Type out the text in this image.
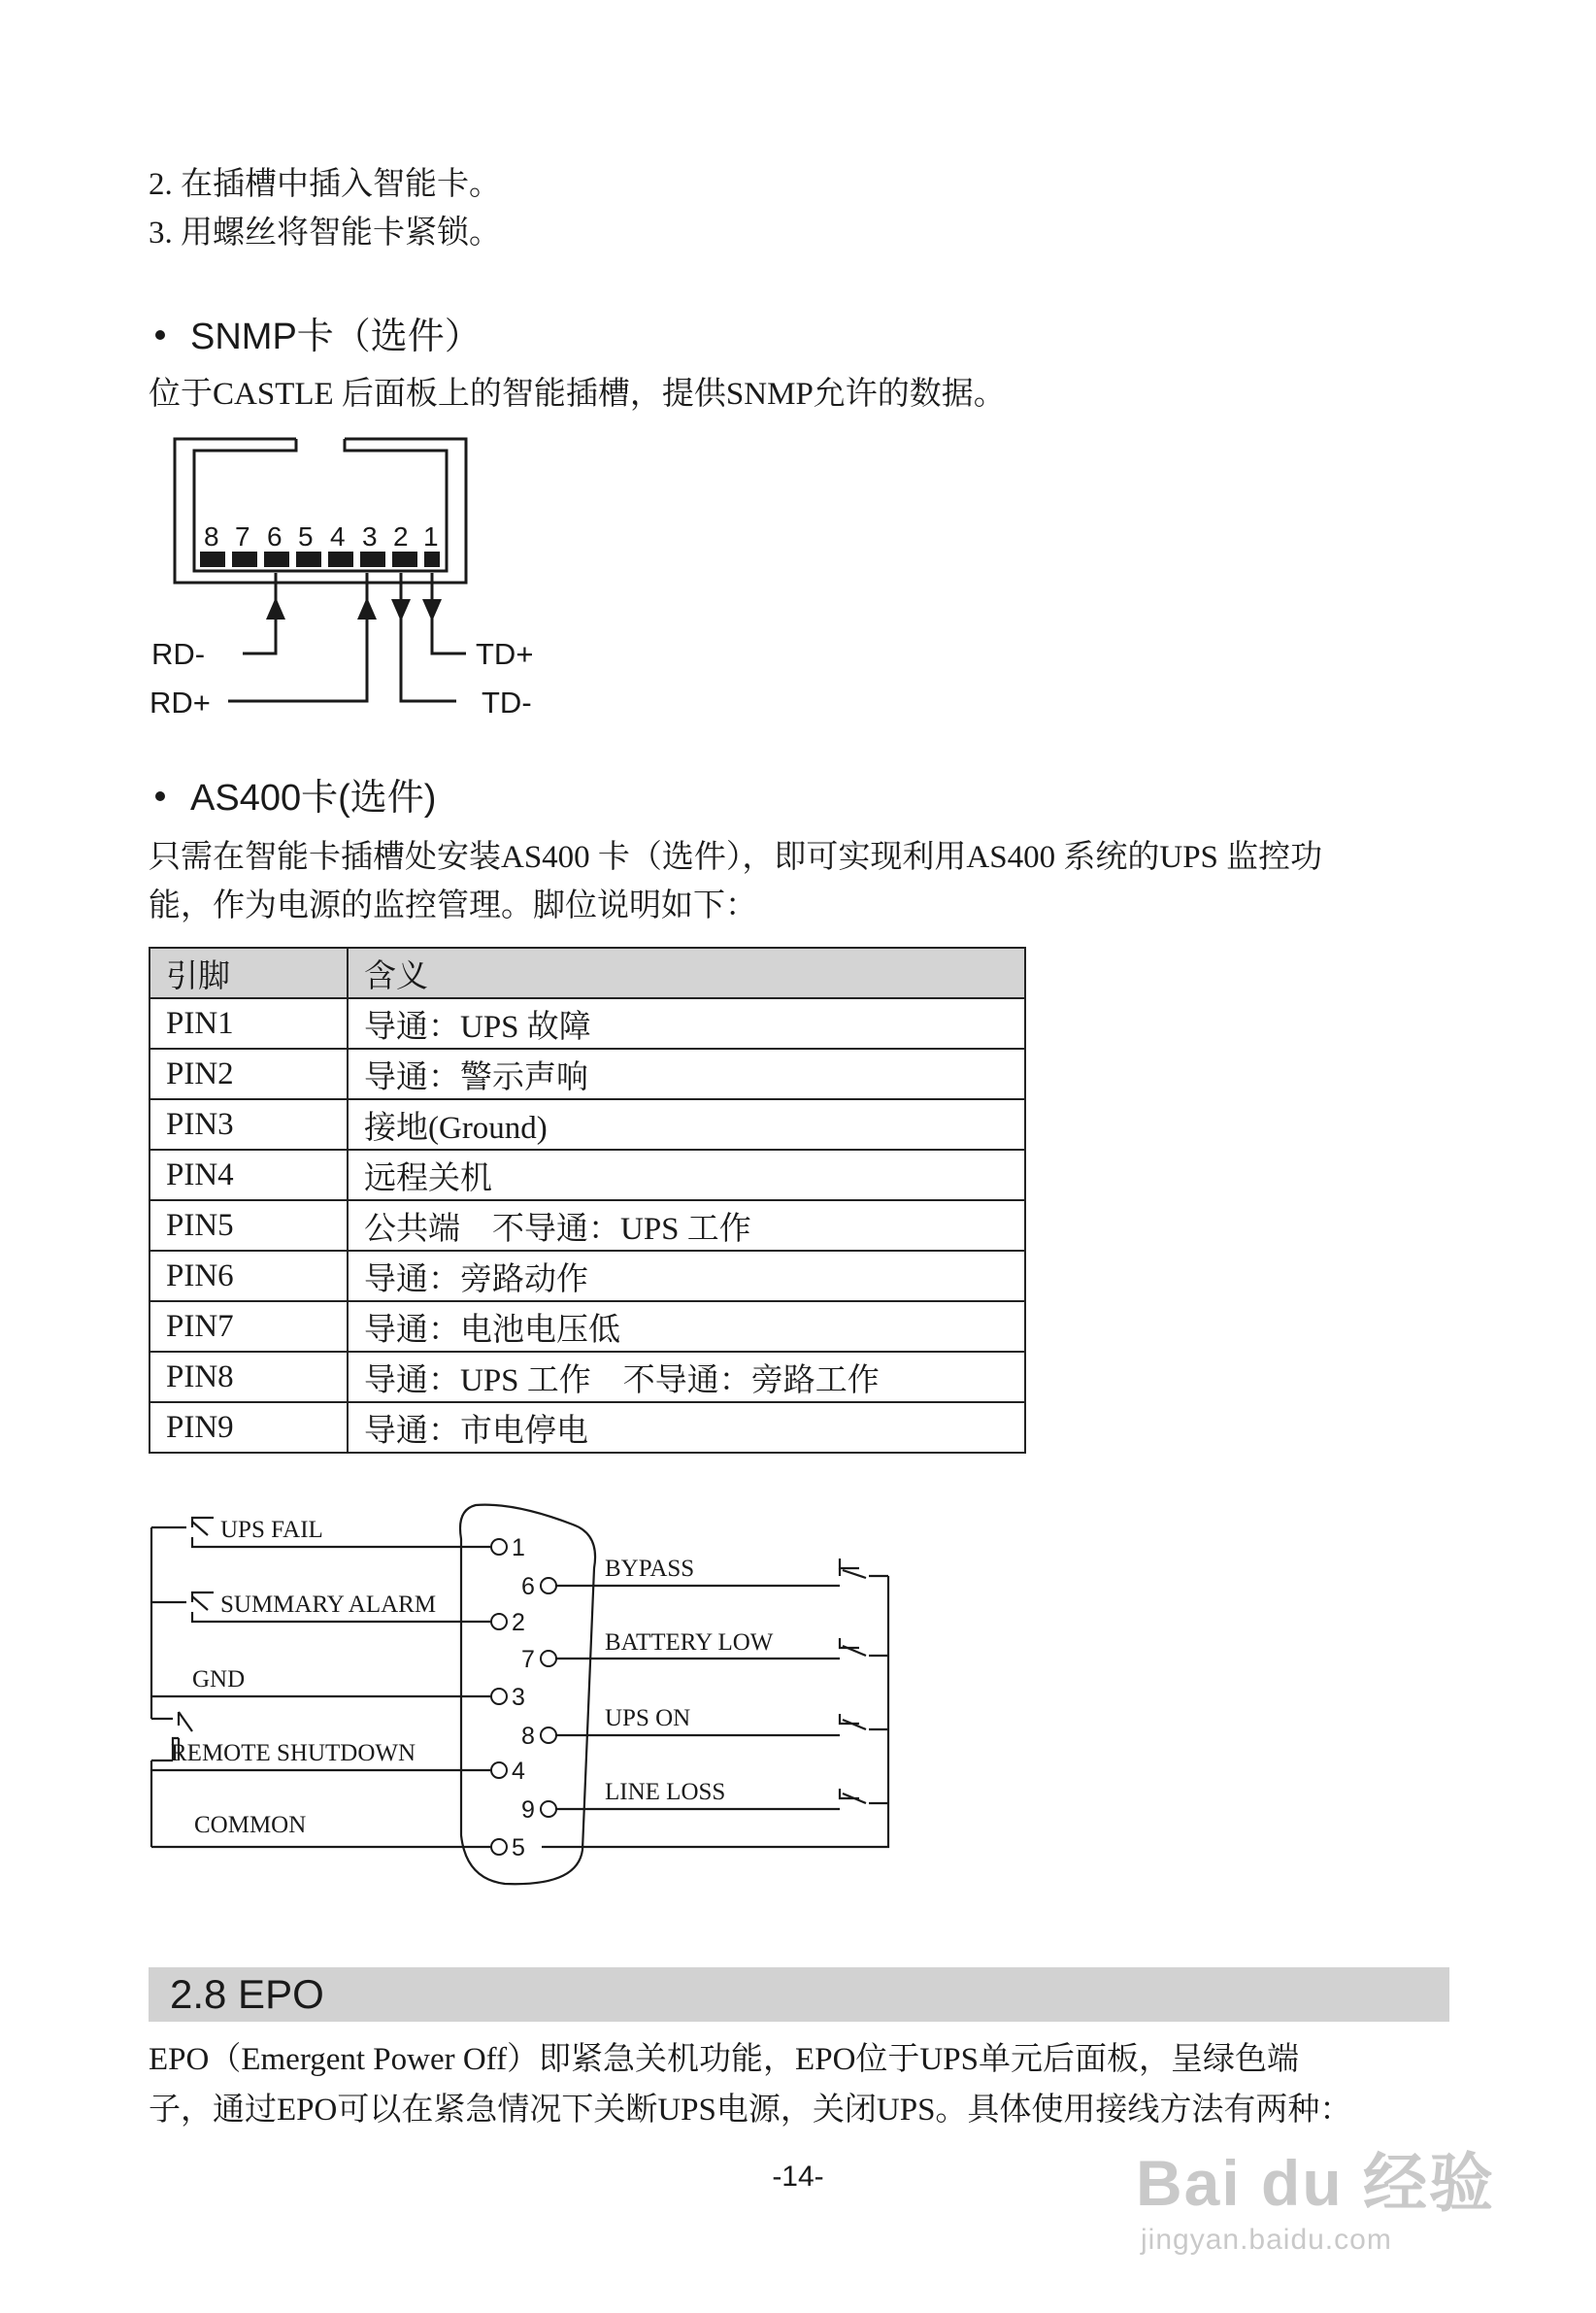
2. 在插槽中插入智能卡。
3. 用螺丝将智能卡紧锁。
SNMP卡（选件）
位于CASTLE 后面板上的智能插槽，提供SNMP允许的数据。
8 7 6 5 4 3 2 1
RD-
RD+
TD+
TD-
AS400卡(选件)
只需在智能卡插槽处安装AS400 卡（选件），即可实现利用AS400 系统的UPS 监控功
能，作为电源的监控管理。脚位说明如下：
引脚	含义
PIN1	导通：UPS 故障
PIN2	导通：警示声响
PIN3	接地(Ground)
PIN4	远程关机
PIN5	公共端　不导通：UPS 工作
PIN6	导通：旁路动作
PIN7	导通：电池电压低
PIN8	导通：UPS 工作　不导通：旁路工作
PIN9	导通：市电停电
1
2
3
4
5
6
7
8
9
UPS FAIL
SUMMARY ALARM
GND
REMOTE SHUTDOWN
COMMON
BYPASS
BATTERY LOW
UPS ON
LINE LOSS
2.8 EPO
EPO（Emergent Power Off）即紧急关机功能，EPO位于UPS单元后面板，呈绿色端
子，通过EPO可以在紧急情况下关断UPS电源，关闭UPS。具体使用接线方法有两种：
-14-	Bai du 经验
jingyan.baidu.com
